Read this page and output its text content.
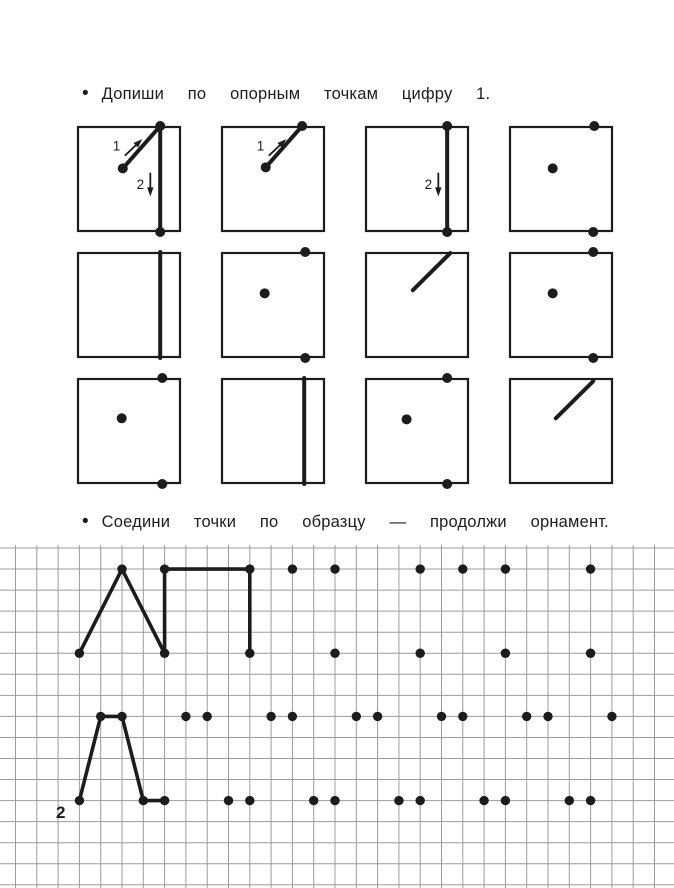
• Допиши по опорным точкам цифру 1.
1
2
1
2
• Соедини точки по образцу — продолжи орнамент.
2
